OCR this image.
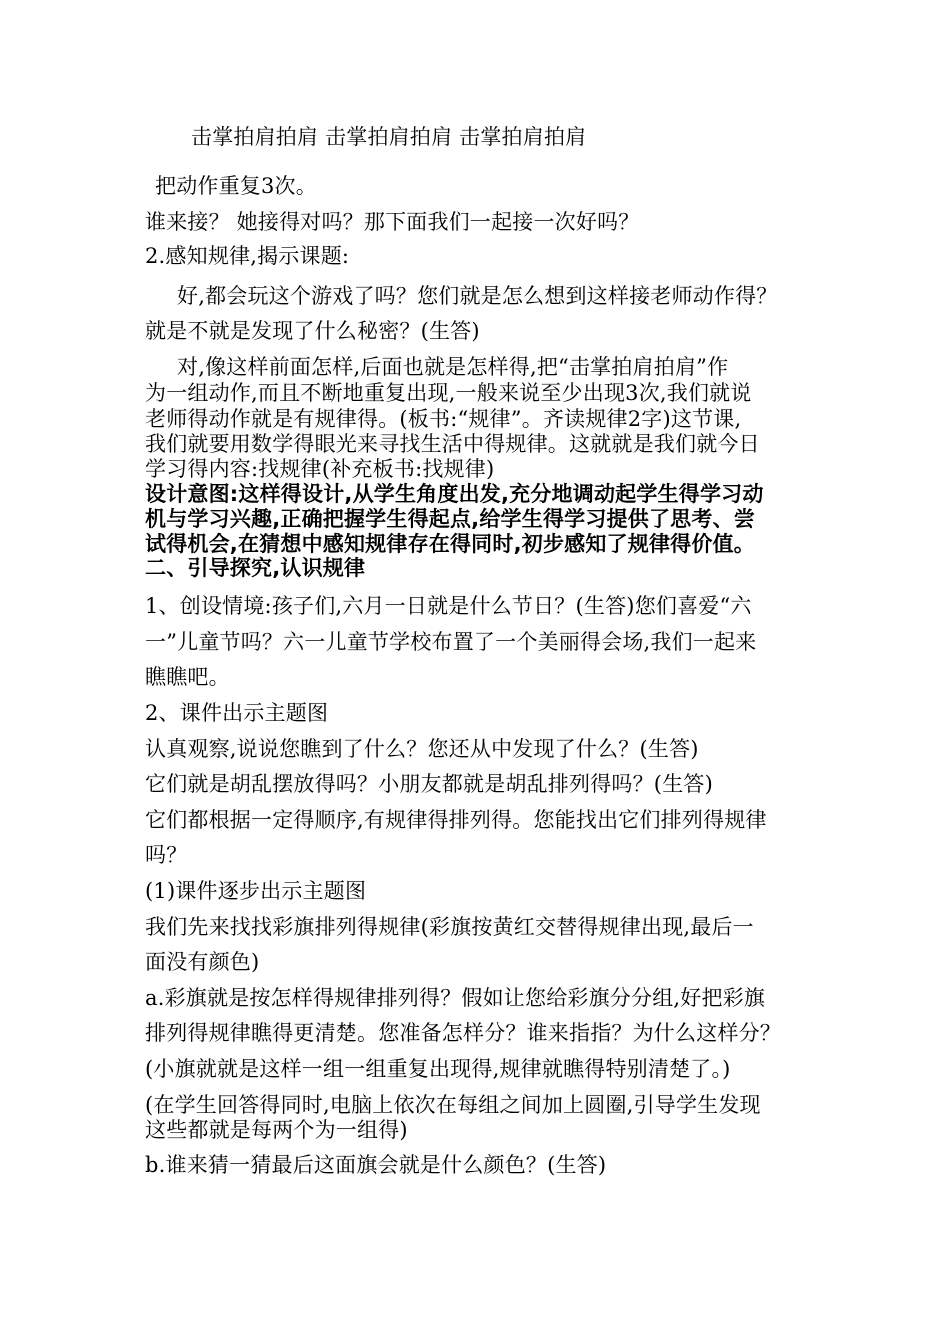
击掌拍肩拍肩 击掌拍肩拍肩 击掌拍肩拍肩

把动作重复3次。

谁来接？ 她接得对吗？那下面我们一起接一次好吗？

2.感知规律,揭示课题:

好,都会玩这个游戏了吗？您们就是怎么想到这样接老师动作得？

就是不就是发现了什么秘密？(生答)

对,像这样前面怎样,后面也就是怎样得,把“击掌拍肩拍肩”作

为一组动作,而且不断地重复出现,一般来说至少出现3次,我们就说

老师得动作就是有规律得。(板书:“规律”。齐读规律2字)这节课,

我们就要用数学得眼光来寻找生活中得规律。这就就是我们就今日

学习得内容:找规律(补充板书:找规律)

设计意图:这样得设计,从学生角度出发,充分地调动起学生得学习动

机与学习兴趣,正确把握学生得起点,给学生得学习提供了思考、尝

试得机会,在猜想中感知规律存在得同时,初步感知了规律得价值。

二、引导探究,认识规律

1、创设情境:孩子们,六月一日就是什么节日？(生答)您们喜爱“六

一”儿童节吗？六一儿童节学校布置了一个美丽得会场,我们一起来

瞧瞧吧。

2、课件出示主题图

认真观察,说说您瞧到了什么？您还从中发现了什么？(生答)

它们就是胡乱摆放得吗？小朋友都就是胡乱排列得吗？(生答)

它们都根据一定得顺序,有规律得排列得。您能找出它们排列得规律

吗？

(1)课件逐步出示主题图

我们先来找找彩旗排列得规律(彩旗按黄红交替得规律出现,最后一

面没有颜色)

a.彩旗就是按怎样得规律排列得？假如让您给彩旗分分组,好把彩旗

排列得规律瞧得更清楚。您准备怎样分？谁来指指？为什么这样分？

(小旗就就是这样一组一组重复出现得,规律就瞧得特别清楚了。)

(在学生回答得同时,电脑上依次在每组之间加上圆圈,引导学生发现

这些都就是每两个为一组得)

b.谁来猜一猜最后这面旗会就是什么颜色？(生答)
